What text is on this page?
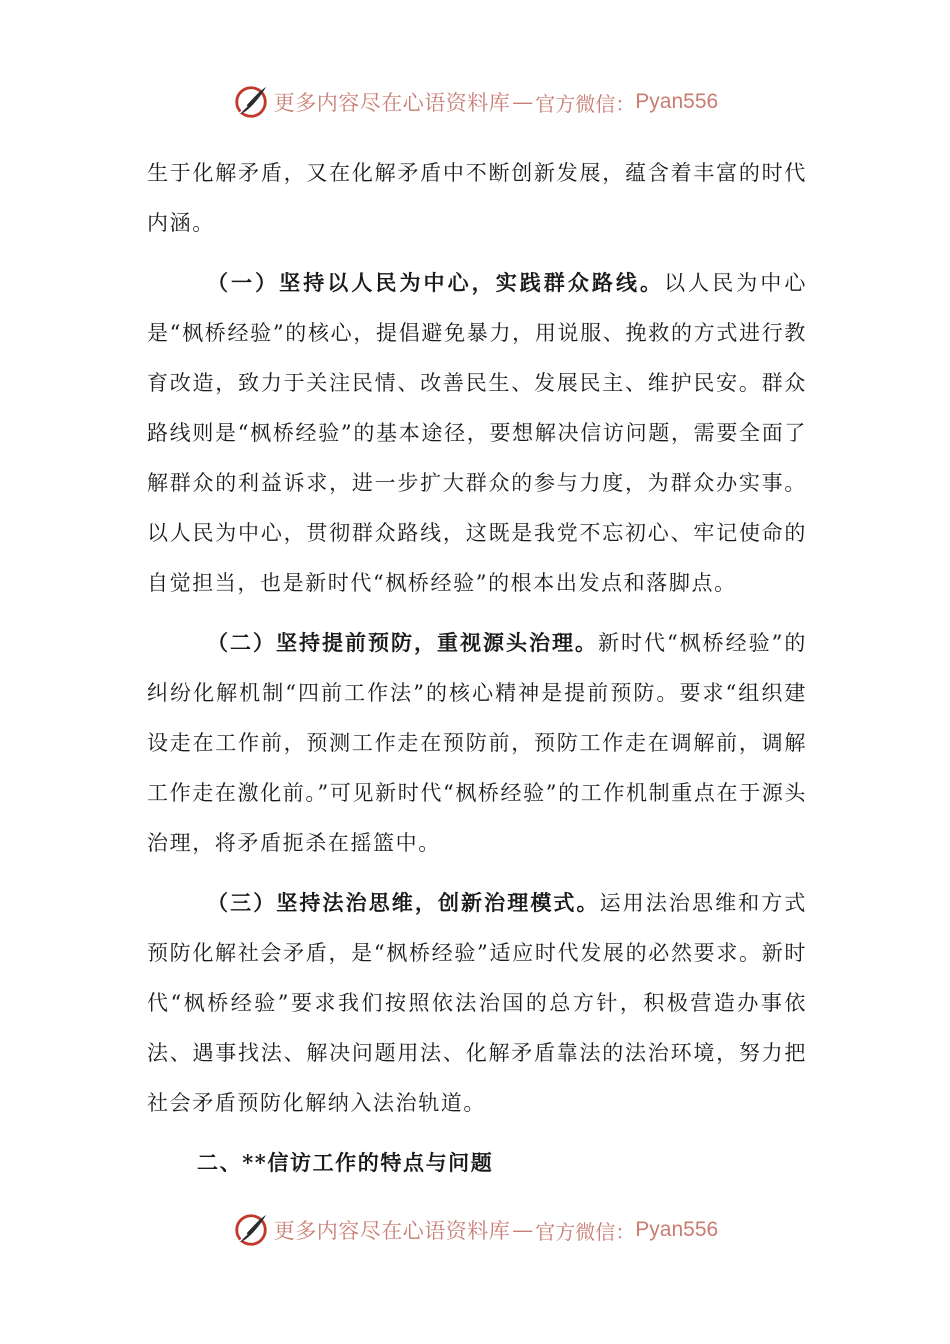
更多内容尽在心语资料库 — 官方微信： Pyan556

生于化解矛盾，又在化解矛盾中不断创新发展，蕴含着丰富的时代内涵。

（一）坚持以人民为中心，实践群众路线。以人民为中心是“枫桥经验”的核心，提倡避免暴力，用说服、挽救的方式进行教育改造，致力于关注民情、改善民生、发展民主、维护民安。群众路线则是“枫桥经验”的基本途径，要想解决信访问题，需要全面了解群众的利益诉求，进一步扩大群众的参与力度，为群众办实事。以人民为中心，贯彻群众路线，这既是我党不忘初心、牢记使命的自觉担当，也是新时代“枫桥经验”的根本出发点和落脚点。

（二）坚持提前预防，重视源头治理。新时代“枫桥经验”的纠纷化解机制“四前工作法”的核心精神是提前预防。要求“组织建设走在工作前，预测工作走在预防前，预防工作走在调解前，调解工作走在激化前。”可见新时代“枫桥经验”的工作机制重点在于源头治理，将矛盾扼杀在摇篮中。

（三）坚持法治思维，创新治理模式。运用法治思维和方式预防化解社会矛盾，是“枫桥经验”适应时代发展的必然要求。新时代“枫桥经验”要求我们按照依法治国的总方针，积极营造办事依法、遇事找法、解决问题用法、化解矛盾靠法的法治环境，努力把社会矛盾预防化解纳入法治轨道。

二、**信访工作的特点与问题

更多内容尽在心语资料库 — 官方微信： Pyan556
